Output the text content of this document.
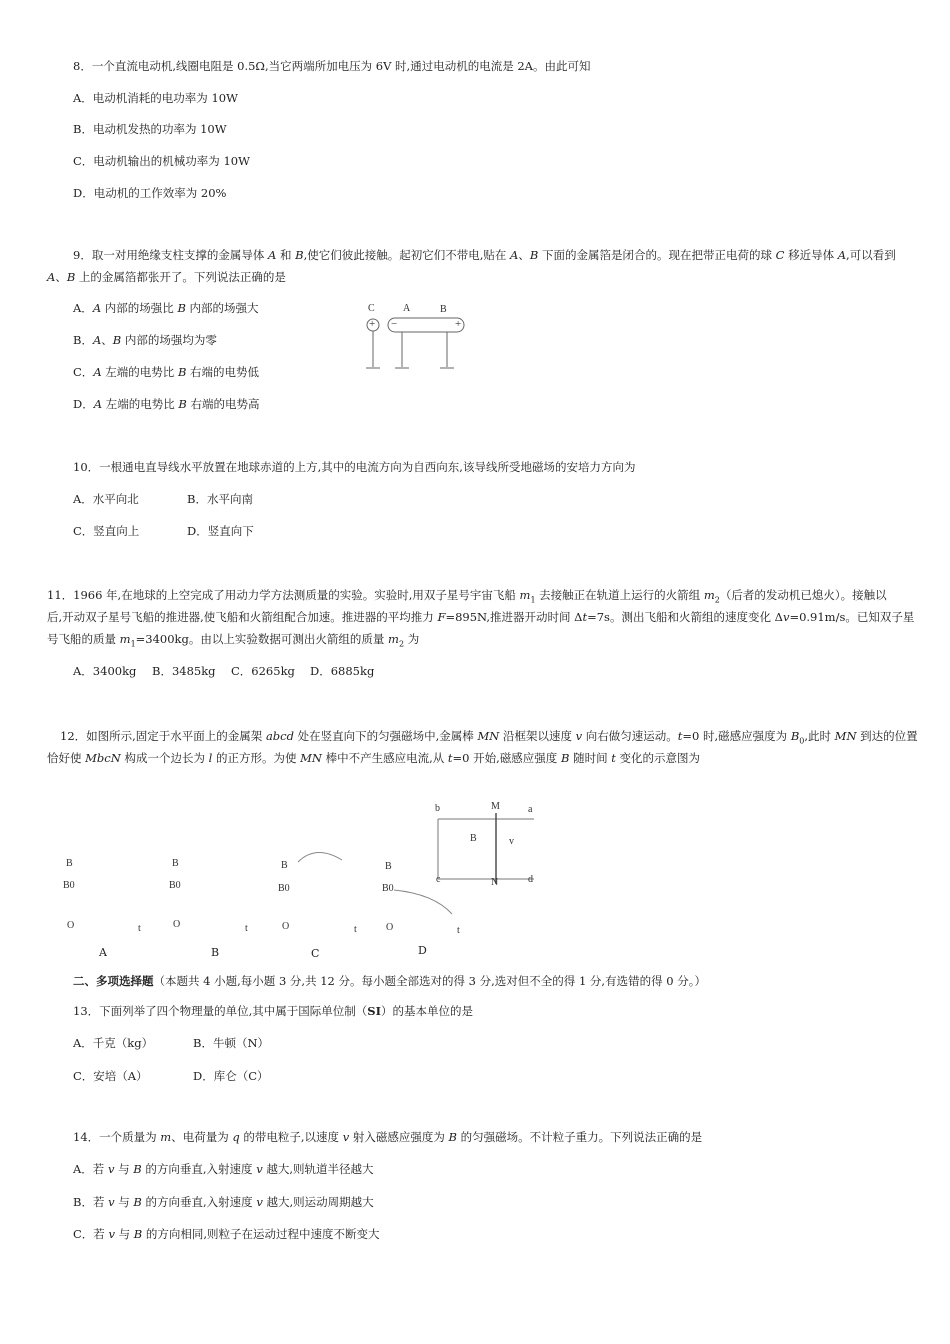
8．一个直流电动机,线圈电阻是 0.5Ω,当它两端所加电压为 6V 时,通过电动机的电流是 2A。由此可知
A．电动机消耗的电功率为 10W
B．电动机发热的功率为 10W
C．电动机输出的机械功率为 10W
D．电动机的工作效率为 20%
9．取一对用绝缘支柱支撑的金属导体 A 和 B,使它们彼此接触。起初它们不带电,贴在 A、B 下面的金属箔是闭合的。现在把带正电荷的球 C 移近导体 A,可以看到
A、B 上的金属箔都张开了。下列说法正确的是
A．A 内部的场强比 B 内部的场强大
B．A、B 内部的场强均为零
C．A 左端的电势比 B 右端的电势低
D．A 左端的电势比 B 右端的电势高
C	A	B
+ −	+
10．一根通电直导线水平放置在地球赤道的上方,其中的电流方向为自西向东,该导线所受地磁场的安培力方向为
A．水平向北	B．水平向南
C．竖直向上	D．竖直向下
11．1966 年,在地球的上空完成了用动力学方法测质量的实验。实验时,用双子星号宇宙飞船 $m_1$ 去接触正在轨道上运行的火箭组 $m_2$（后者的发动机已熄火）。接触以
后,开动双子星号飞船的推进器,使飞船和火箭组配合加速。推进器的平均推力 F=895N,推进器开动时间 Δt=7s。测出飞船和火箭组的速度变化 Δv=0.91m/s。已知双子星
号飞船的质量 $m_1=3400kg$。由以上实验数据可测出火箭组的质量 $m_2$ 为
A．3400kg B．3485kg C．6265kg D．6885kg
12．如图所示,固定于水平面上的金属架 abcd 处在竖直向下的匀强磁场中,金属棒 MN 沿框架以速度 v 向右做匀速运动。t=0 时,磁感应强度为 $B_0$,此时 MN 到达的位置
恰好使 MbcN 构成一个边长为 l 的正方形。为使 MN 棒中不产生感应电流,从 t=0 开始,磁感应强度 B 随时间 t 变化的示意图为
B
B0
O	t
A
B
B0
O	t
B
B
B0
O	t
C
B
B0
O	t
D
b	M	a
B	v
c	N	d
二、多项选择题（本题共 4 小题,每小题 3 分,共 12 分。每小题全部选对的得 3 分,选对但不全的得 1 分,有选错的得 0 分。）
13．下面列举了四个物理量的单位,其中属于国际单位制（SI）的基本单位的是
A．千克（kg）	B．牛顿（N）
C．安培（A）	D．库仑（C）
14．一个质量为 m、电荷量为 q 的带电粒子,以速度 v 射入磁感应强度为 B 的匀强磁场。不计粒子重力。下列说法正确的是
A．若 v 与 B 的方向垂直,入射速度 v 越大,则轨道半径越大
B．若 v 与 B 的方向垂直,入射速度 v 越大,则运动周期越大
C．若 v 与 B 的方向相同,则粒子在运动过程中速度不断变大
